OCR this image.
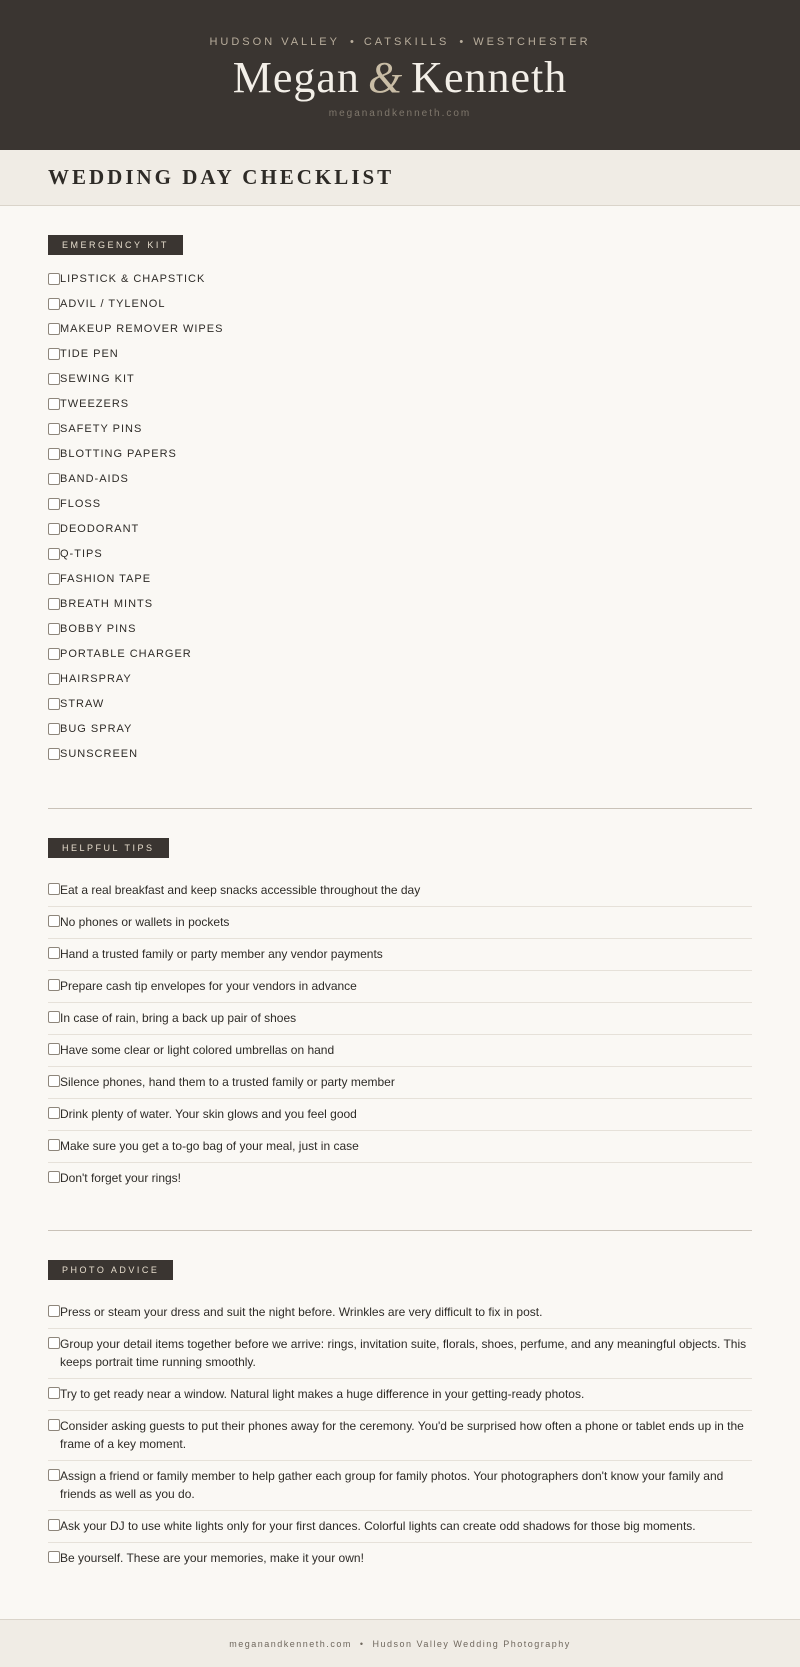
HUDSON VALLEY • CATSKILLS • WESTCHESTER
Megan & Kenneth
meganandkenneth.com
WEDDING DAY CHECKLIST
EMERGENCY KIT
LIPSTICK & CHAPSTICK
ADVIL / TYLENOL
MAKEUP REMOVER WIPES
TIDE PEN
SEWING KIT
TWEEZERS
SAFETY PINS
BLOTTING PAPERS
BAND-AIDS
FLOSS
DEODORANT
Q-TIPS
FASHION TAPE
BREATH MINTS
BOBBY PINS
PORTABLE CHARGER
HAIRSPRAY
STRAW
BUG SPRAY
SUNSCREEN
HELPFUL TIPS
Eat a real breakfast and keep snacks accessible throughout the day
No phones or wallets in pockets
Hand a trusted family or party member any vendor payments
Prepare cash tip envelopes for your vendors in advance
In case of rain, bring a back up pair of shoes
Have some clear or light colored umbrellas on hand
Silence phones, hand them to a trusted family or party member
Drink plenty of water. Your skin glows and you feel good
Make sure you get a to-go bag of your meal, just in case
Don't forget your rings!
PHOTO ADVICE
Press or steam your dress and suit the night before. Wrinkles are very difficult to fix in post.
Group your detail items together before we arrive: rings, invitation suite, florals, shoes, perfume, and any meaningful objects. This keeps portrait time running smoothly.
Try to get ready near a window. Natural light makes a huge difference in your getting-ready photos.
Consider asking guests to put their phones away for the ceremony. You'd be surprised how often a phone or tablet ends up in the frame of a key moment.
Assign a friend or family member to help gather each group for family photos. Your photographers don't know your family and friends as well as you do.
Ask your DJ to use white lights only for your first dances. Colorful lights can create odd shadows for those big moments.
Be yourself. These are your memories, make it your own!
meganandkenneth.com • Hudson Valley Wedding Photography
